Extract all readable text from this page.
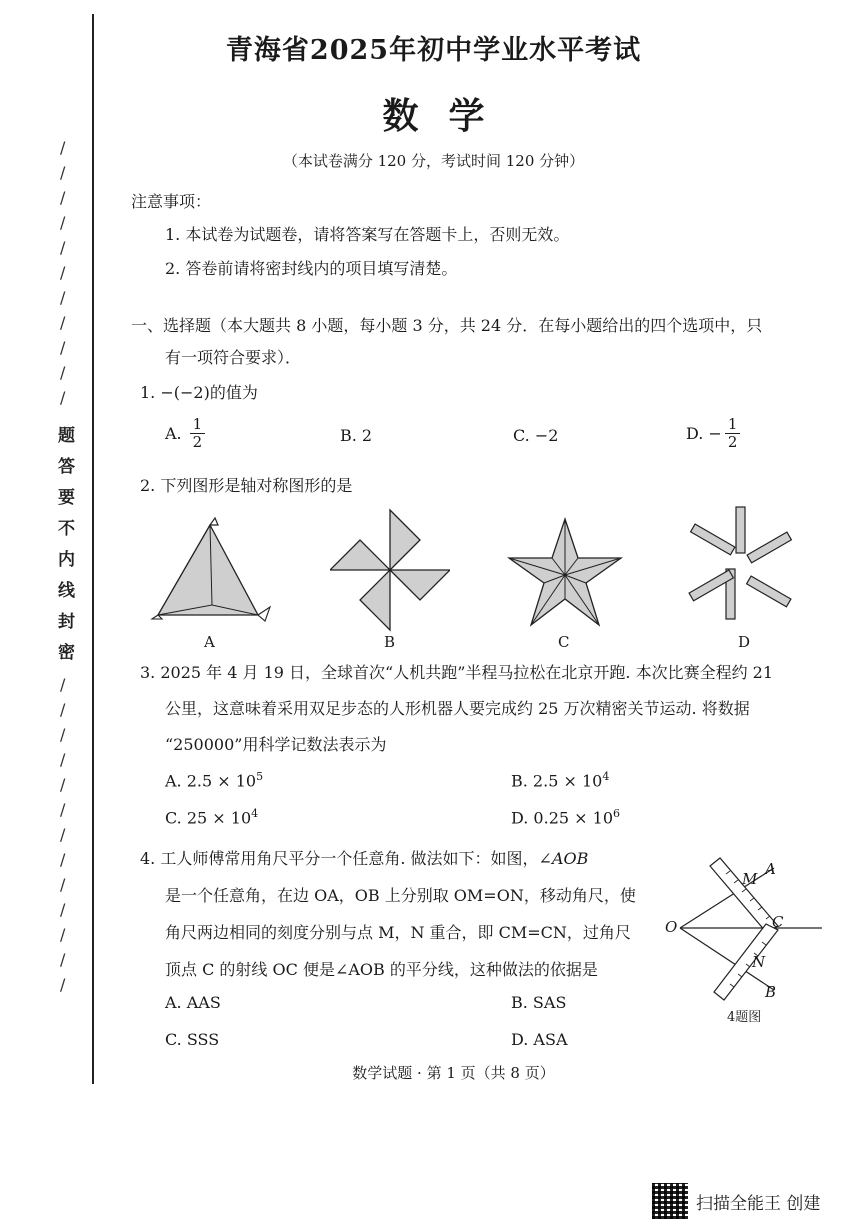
/
/
/
/
/
/
/
/
/
/
/
题
答
要
不
内
线
封
密
/
/
/
/
/
/
/
/
/
/
/
/
/
青海省2025年初中学业水平考试
数学
（本试卷满分 120 分，考试时间 120 分钟）
注意事项：
1. 本试卷为试题卷，请将答案写在答题卡上，否则无效。
2. 答卷前请将密封线内的项目填写清楚。
一、选择题（本大题共 8 小题，每小题 3 分，共 24 分．在每小题给出的四个选项中，只
有一项符合要求）．
1. −(−2)的值为
A. $\frac{1}{2}$	B. 2	C. −2	D. − $\frac{1}{2}$
2. 下列图形是轴对称图形的是
A	B	C	D
3. 2025 年 4 月 19 日，全球首次“人机共跑”半程马拉松在北京开跑. 本次比赛全程约 21
公里，这意味着采用双足步态的人形机器人要完成约 25 万次精密关节运动. 将数据
“250000”用科学记数法表示为
A. $2.5 \times 10^5$	B. $2.5 \times 10^4$
C. $25 \times 10^4$	D. $0.25 \times 10^6$
4. 工人师傅常用角尺平分一个任意角. 做法如下：如图，∠AOB
是一个任意角，在边 OA，OB 上分别取 OM=ON，移动角尺，使
角尺两边相同的刻度分别与点 M，N 重合，即 CM=CN，过角尺
顶点 C 的射线 OC 便是∠AOB 的平分线，这种做法的依据是
A. AAS	B. SAS
C. SSS	D. ASA
O
A
B
M
N
C
4题图
数学试题 · 第 1 页（共 8 页）
扫描全能王 创建
